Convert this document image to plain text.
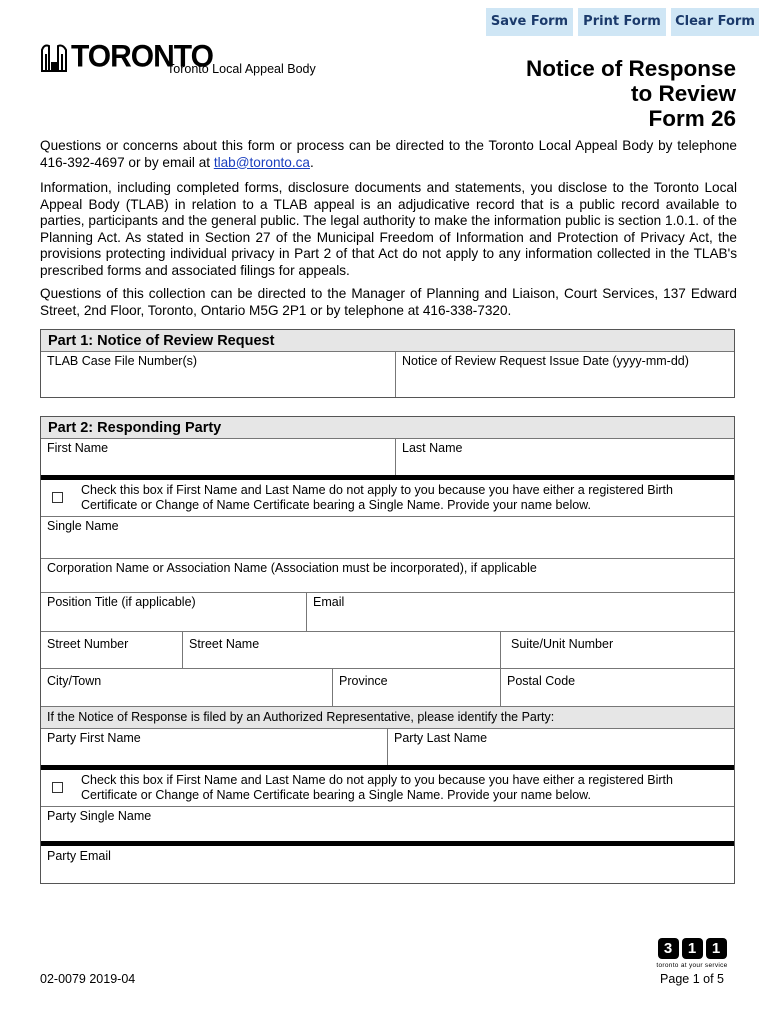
Save Form	Print Form	Clear Form
TORONTO
Toronto Local Appeal Body	Notice of Response
to Review
Form 26
Questions or concerns about this form or process can be directed to the Toronto Local Appeal Body by telephone 416-392-4697 or by email at tlab@toronto.ca.
Information, including completed forms, disclosure documents and statements, you disclose to the Toronto Local Appeal Body (TLAB) in relation to a TLAB appeal is an adjudicative record that is a public record available to parties, participants and the general public. The legal authority to make the information public is section 1.0.1. of the Planning Act. As stated in Section 27 of the Municipal Freedom of Information and Protection of Privacy Act, the provisions protecting individual privacy in Part 2 of that Act do not apply to any information collected in the TLAB's prescribed forms and associated filings for appeals.
Questions of this collection can be directed to the Manager of Planning and Liaison, Court Services, 137 Edward Street, 2nd Floor, Toronto, Ontario M5G 2P1 or by telephone at 416-338-7320.
Part 1: Notice of Review Request
TLAB Case File Number(s)	Notice of Review Request Issue Date (yyyy-mm-dd)
Part 2: Responding Party
First Name	Last Name
Check this box if First Name and Last Name do not apply to you because you have either a registered Birth
Certificate or Change of Name Certificate bearing a Single Name. Provide your name below.
Single Name
Corporation Name or Association Name (Association must be incorporated), if applicable
Position Title (if applicable)	Email
Street Number	Street Name	Suite/Unit Number
City/Town	Province	Postal Code
If the Notice of Response is filed by an Authorized Representative, please identify the Party:
Party First Name	Party Last Name
Check this box if First Name and Last Name do not apply to you because you have either a registered Birth
Certificate or Change of Name Certificate bearing a Single Name. Provide your name below.
Party Single Name
Party Email
3	1	1
toronto at your service
02-0079 2019-04	Page 1 of 5
